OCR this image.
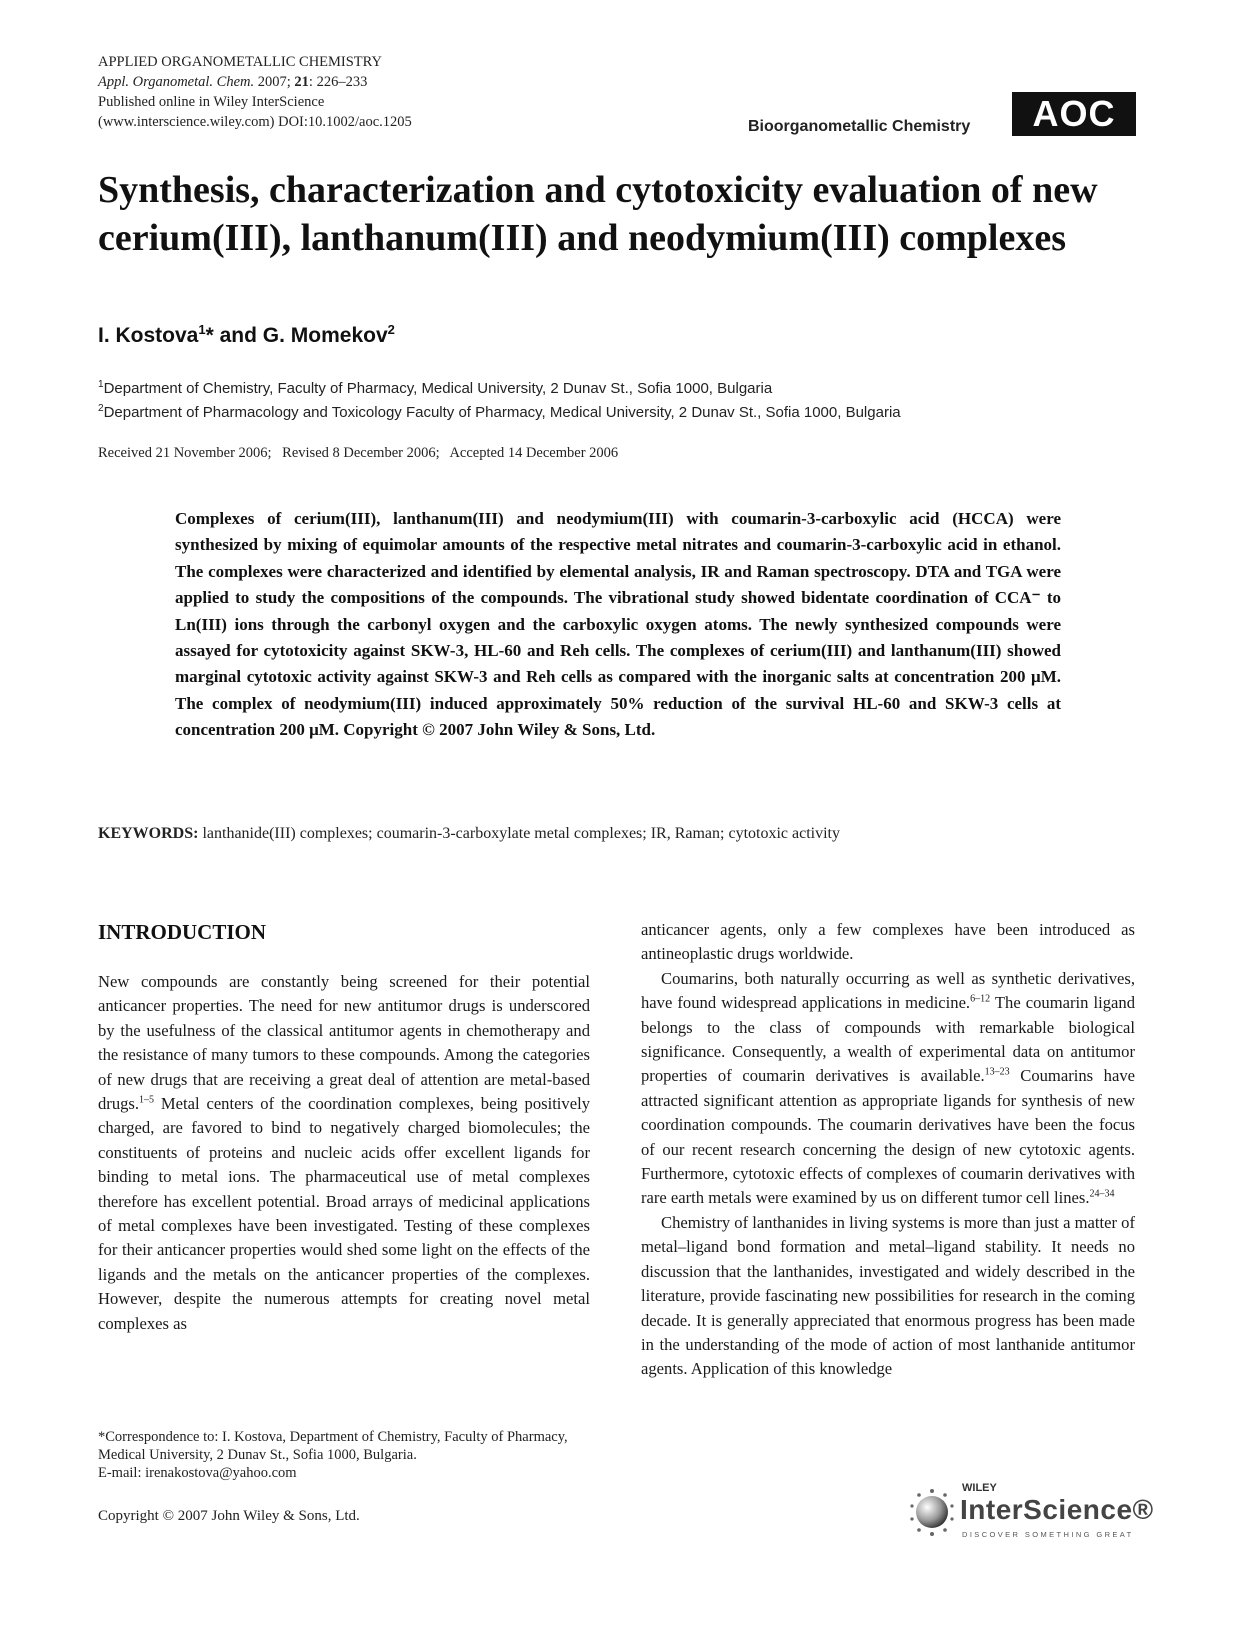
APPLIED ORGANOMETALLIC CHEMISTRY
Appl. Organometal. Chem. 2007; 21: 226–233
Published online in Wiley InterScience
(www.interscience.wiley.com) DOI:10.1002/aoc.1205	Bioorganometallic Chemistry	AOC
Synthesis, characterization and cytotoxicity evaluation of new cerium(III), lanthanum(III) and neodymium(III) complexes
I. Kostova$^1$* and G. Momekov$^2$
$^1$Department of Chemistry, Faculty of Pharmacy, Medical University, 2 Dunav St., Sofia 1000, Bulgaria
$^2$Department of Pharmacology and Toxicology Faculty of Pharmacy, Medical University, 2 Dunav St., Sofia 1000, Bulgaria
Received 21 November 2006; Revised 8 December 2006; Accepted 14 December 2006

Complexes of cerium(III), lanthanum(III) and neodymium(III) with coumarin-3-carboxylic acid (HCCA) were synthesized by mixing of equimolar amounts of the respective metal nitrates and coumarin-3-carboxylic acid in ethanol. The complexes were characterized and identified by elemental analysis, IR and Raman spectroscopy. DTA and TGA were applied to study the compositions of the compounds. The vibrational study showed bidentate coordination of CCA⁻ to Ln(III) ions through the carbonyl oxygen and the carboxylic oxygen atoms. The newly synthesized compounds were assayed for cytotoxicity against SKW-3, HL-60 and Reh cells. The complexes of cerium(III) and lanthanum(III) showed marginal cytotoxic activity against SKW-3 and Reh cells as compared with the inorganic salts at concentration 200 μM. The complex of neodymium(III) induced approximately 50% reduction of the survival HL-60 and SKW-3 cells at concentration 200 μM. Copyright © 2007 John Wiley & Sons, Ltd.

KEYWORDS: lanthanide(III) complexes; coumarin-3-carboxylate metal complexes; IR, Raman; cytotoxic activity
INTRODUCTION

New compounds are constantly being screened for their potential anticancer properties. The need for new antitumor drugs is underscored by the usefulness of the classical antitumor agents in chemotherapy and the resistance of many tumors to these compounds. Among the categories of new drugs that are receiving a great deal of attention are metal-based drugs.$^{1-5}$ Metal centers of the coordination complexes, being positively charged, are favored to bind to negatively charged biomolecules; the constituents of proteins and nucleic acids offer excellent ligands for binding to metal ions. The pharmaceutical use of metal complexes therefore has excellent potential. Broad arrays of medicinal applications of metal complexes have been investigated. Testing of these complexes for their anticancer properties would shed some light on the effects of the ligands and the metals on the anticancer properties of the complexes. However, despite the numerous attempts for creating novel metal complexes as

anticancer agents, only a few complexes have been introduced as antineoplastic drugs worldwide.

Coumarins, both naturally occurring as well as synthetic derivatives, have found widespread applications in medicine.$^{6-12}$ The coumarin ligand belongs to the class of compounds with remarkable biological significance. Consequently, a wealth of experimental data on antitumor properties of coumarin derivatives is available.$^{13-23}$ Coumarins have attracted significant attention as appropriate ligands for synthesis of new coordination compounds. The coumarin derivatives have been the focus of our recent research concerning the design of new cytotoxic agents. Furthermore, cytotoxic effects of complexes of coumarin derivatives with rare earth metals were examined by us on different tumor cell lines.$^{24-34}$

Chemistry of lanthanides in living systems is more than just a matter of metal–ligand bond formation and metal–ligand stability. It needs no discussion that the lanthanides, investigated and widely described in the literature, provide fascinating new possibilities for research in the coming decade. It is generally appreciated that enormous progress has been made in the understanding of the mode of action of most lanthanide antitumor agents. Application of this knowledge

*Correspondence to: I. Kostova, Department of Chemistry, Faculty of Pharmacy, Medical University, 2 Dunav St., Sofia 1000, Bulgaria.
E-mail: irenakostova@yahoo.com
Copyright © 2007 John Wiley & Sons, Ltd.
WILEY
InterScience®
DISCOVER SOMETHING GREAT
